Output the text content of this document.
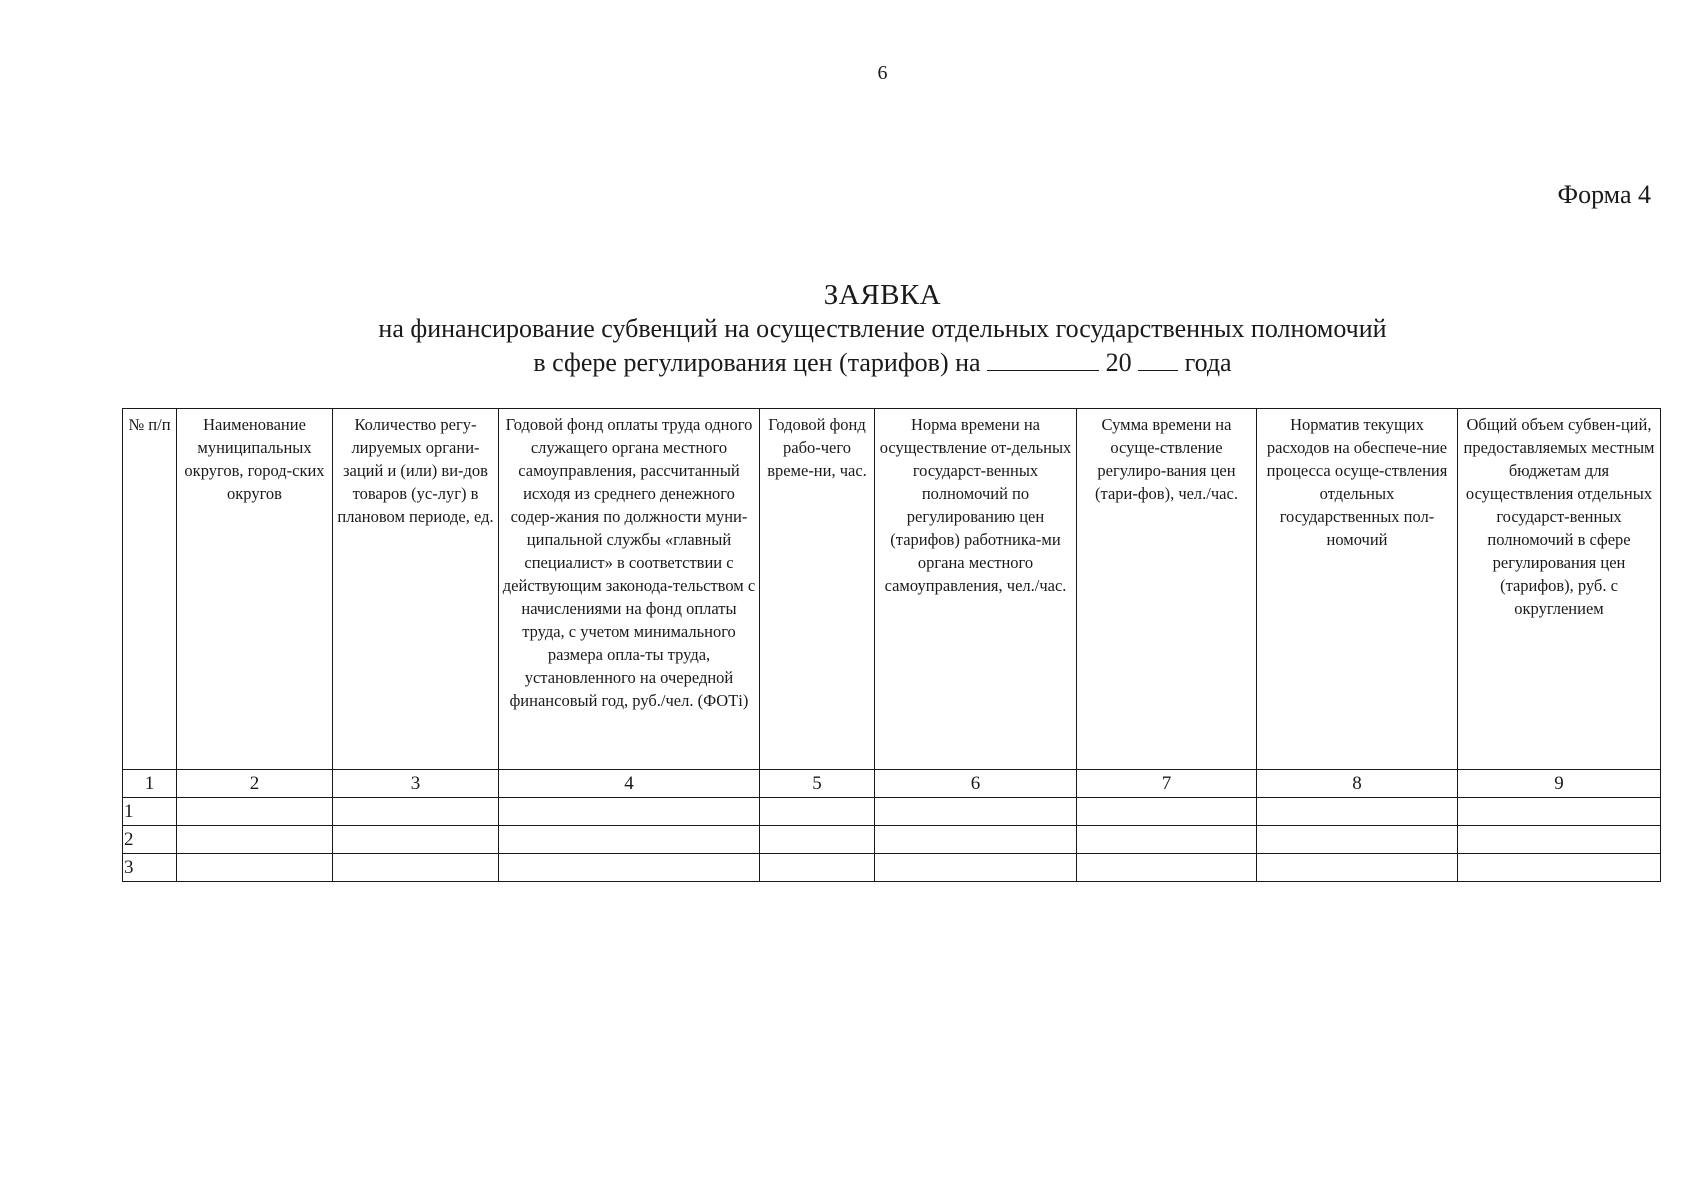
6
Форма 4
ЗАЯВКА
на финансирование субвенций на осуществление отдельных государственных полномочий
в сфере регулирования цен (тарифов) на	20 года
№ п/п	Наименование муниципальных округов, город-ских округов	Количество регу-лируемых органи-заций и (или) ви-дов товаров (ус-луг) в плановом периоде, ед.	Годовой фонд оплаты труда одного служащего органа местного самоуправления, рассчитанный исходя из среднего денежного содер-жания по должности муни-ципальной службы «главный специалист» в соответствии с действующим законода-тельством с начислениями на фонд оплаты труда, с учетом минимального размера опла-ты труда, установленного на очередной финансовый год, руб./чел. (ФОТi)	Годовой фонд рабо-чего време-ни, час.	Норма времени на осуществление от-дельных государст-венных полномочий по регулированию цен (тарифов) работника-ми органа местного самоуправления, чел./час.	Сумма времени на осуще-ствление регулиро-вания цен (тари-фов), чел./час.	Норматив текущих расходов на обеспече-ние процесса осуще-ствления отдельных государственных пол-номочий	Общий объем субвен-ций, предоставляемых местным бюджетам для осуществления отдельных государст-венных полномочий в сфере регулирования цен (тарифов), руб. с округлением
1	2	3	4	5	6	7	8	9
1								
2								
3								
